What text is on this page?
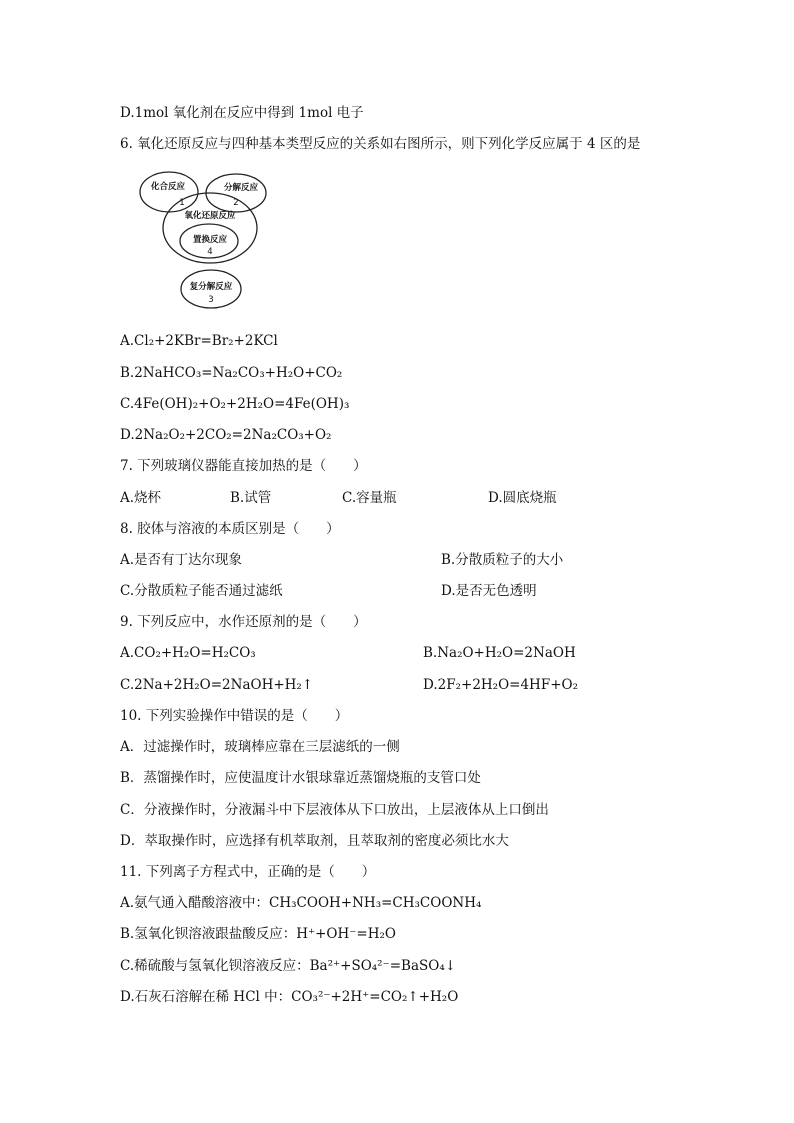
D.1mol 氧化剂在反应中得到 1mol 电子
6. 氧化还原反应与四种基本类型反应的关系如右图所示，则下列化学反应属于 4 区的是
化合反应	分解反应
氧化还原反应
置换反应
复分解反应
1	2
4
3
A.Cl₂+2KBr=Br₂+2KCl
B.2NaHCO₃=Na₂CO₃+H₂O+CO₂
C.4Fe(OH)₂+O₂+2H₂O=4Fe(OH)₃
D.2Na₂O₂+2CO₂=2Na₂CO₃+O₂
7. 下列玻璃仪器能直接加热的是（　　）
A.烧杯	B.试管	C.容量瓶	D.圆底烧瓶
8. 胶体与溶液的本质区别是（　　）
A.是否有丁达尔现象	B.分散质粒子的大小
C.分散质粒子能否通过滤纸	D.是否无色透明
9. 下列反应中，水作还原剂的是（　　）
A.CO₂+H₂O=H₂CO₃	B.Na₂O+H₂O=2NaOH
C.2Na+2H₂O=2NaOH+H₂↑	D.2F₂+2H₂O=4HF+O₂
10. 下列实验操作中错误的是（　　）
A．过滤操作时，玻璃棒应靠在三层滤纸的一侧
B．蒸馏操作时，应使温度计水银球靠近蒸馏烧瓶的支管口处
C．分液操作时，分液漏斗中下层液体从下口放出，上层液体从上口倒出
D．萃取操作时，应选择有机萃取剂，且萃取剂的密度必须比水大
11. 下列离子方程式中，正确的是（　　）
A.氨气通入醋酸溶液中：CH₃COOH+NH₃=CH₃COONH₄
B.氢氧化钡溶液跟盐酸反应：H⁺+OH⁻=H₂O
C.稀硫酸与氢氧化钡溶液反应：Ba²⁺+SO₄²⁻=BaSO₄↓
D.石灰石溶解在稀 HCl 中：CO₃²⁻+2H⁺=CO₂↑+H₂O
